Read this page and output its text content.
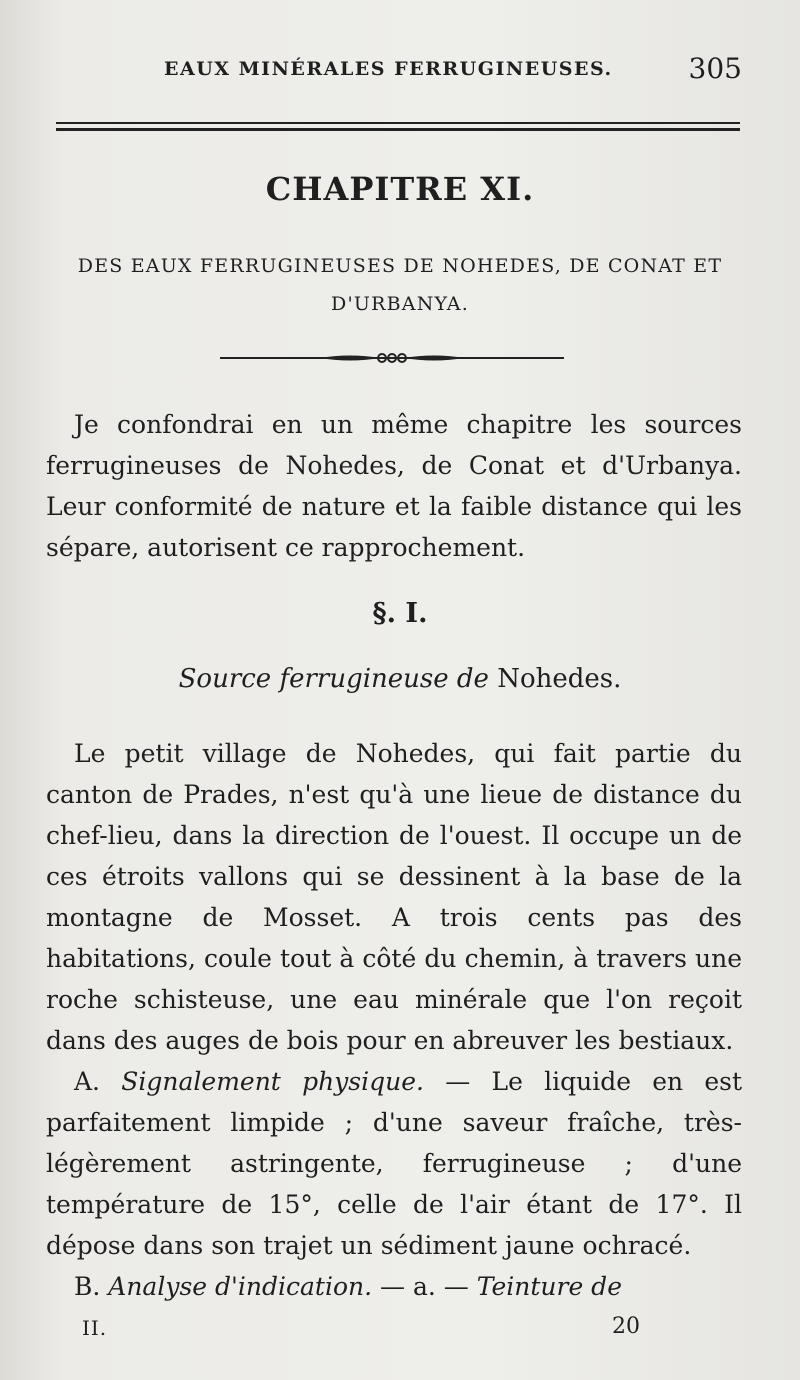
EAUX MINÉRALES FERRUGINEUSES.	305
CHAPITRE XI.
DES EAUX FERRUGINEUSES DE NOHEDES, DE CONAT ET D'URBANYA.

Je confondrai en un même chapitre les sources ferrugineuses de Nohedes, de Conat et d'Urbanya. Leur conformité de nature et la faible distance qui les sépare, autorisent ce rapprochement.

§. I.
Source ferrugineuse de Nohedes.

Le petit village de Nohedes, qui fait partie du canton de Prades, n'est qu'à une lieue de distance du chef-lieu, dans la direction de l'ouest. Il occupe un de ces étroits vallons qui se dessinent à la base de la montagne de Mosset. A trois cents pas des habitations, coule tout à côté du chemin, à travers une roche schisteuse, une eau minérale que l'on reçoit dans des auges de bois pour en abreuver les bestiaux.

A. Signalement physique. — Le liquide en est parfaitement limpide ; d'une saveur fraîche, très-légèrement astringente, ferrugineuse ; d'une température de 15°, celle de l'air étant de 17°. Il dépose dans son trajet un sédiment jaune ochracé.

B. Analyse d'indication. — a. — Teinture de

II.	20
